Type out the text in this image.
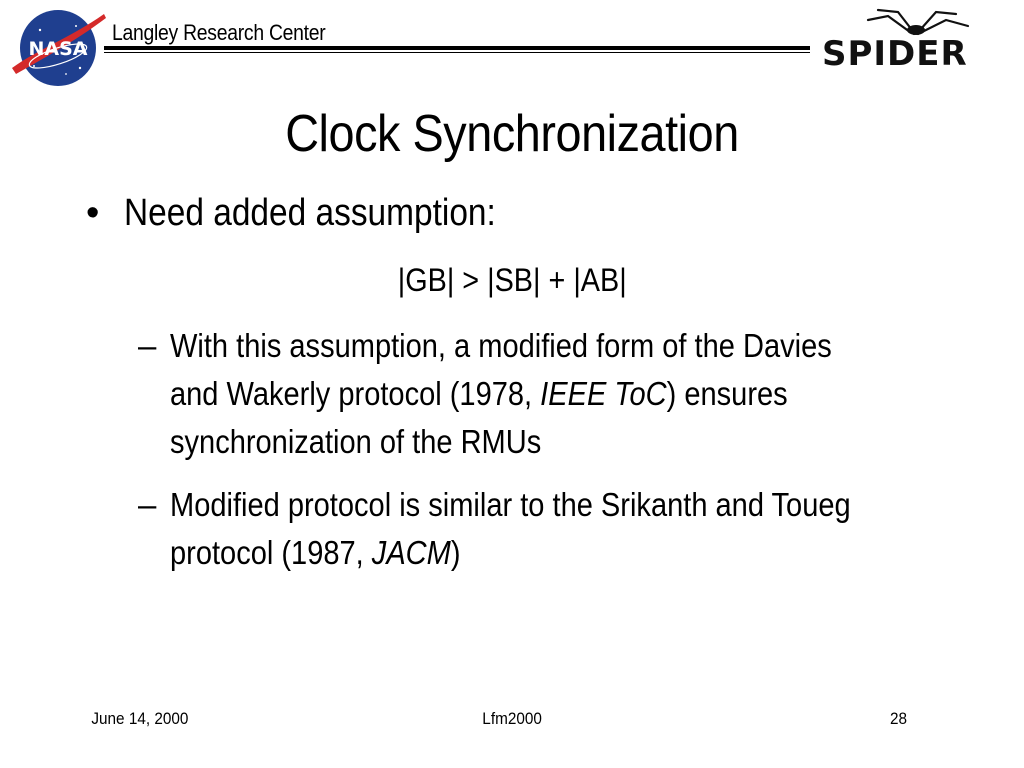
NASA
Langley Research Center
SPIDER
Clock Synchronization
• Need added assumption:
|GB| > |SB| + |AB|
– With this assumption, a modified form of the Davies
and Wakerly protocol (1978, IEEE ToC) ensures
synchronization of the RMUs
– Modified protocol is similar to the Srikanth and Toueg
protocol (1987, JACM)
June 14, 2000	Lfm2000	28
